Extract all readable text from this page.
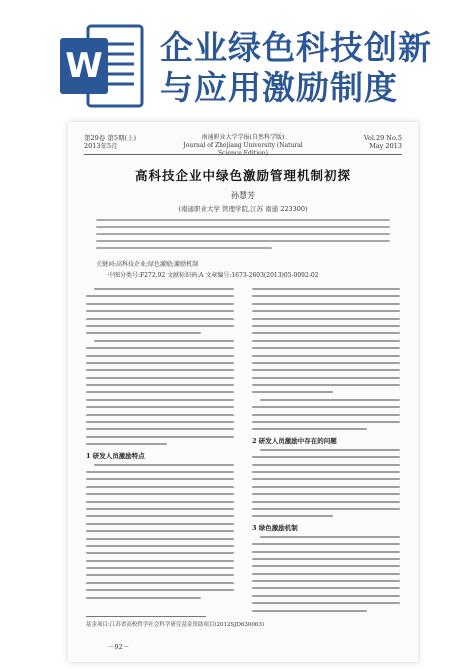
W 企业绿色科技创新
与应用激励制度
第29卷 第5期(上)
2013年5月
南通职业大学学报(自然科学版)
Journal of Zhejiang University (Natural Science Edition)
Vol.29 No.5
May 2013
高科技企业中绿色激励管理机制初探
孙慧芳
(南通职业大学 管理学院,江苏 南通 223300)
关键词:高科技企业;绿色激励;激励机制
中图分类号:F272.92 文献标识码:A 文章编号:1673-2603(2013)05-0092-02
1 研发人员激励特点
2 研发人员激励中存在的问题
3 绿色激励机制
基金项目:江苏省高校哲学社会科学研究基金资助项目(2012SJD630063)
－92－
